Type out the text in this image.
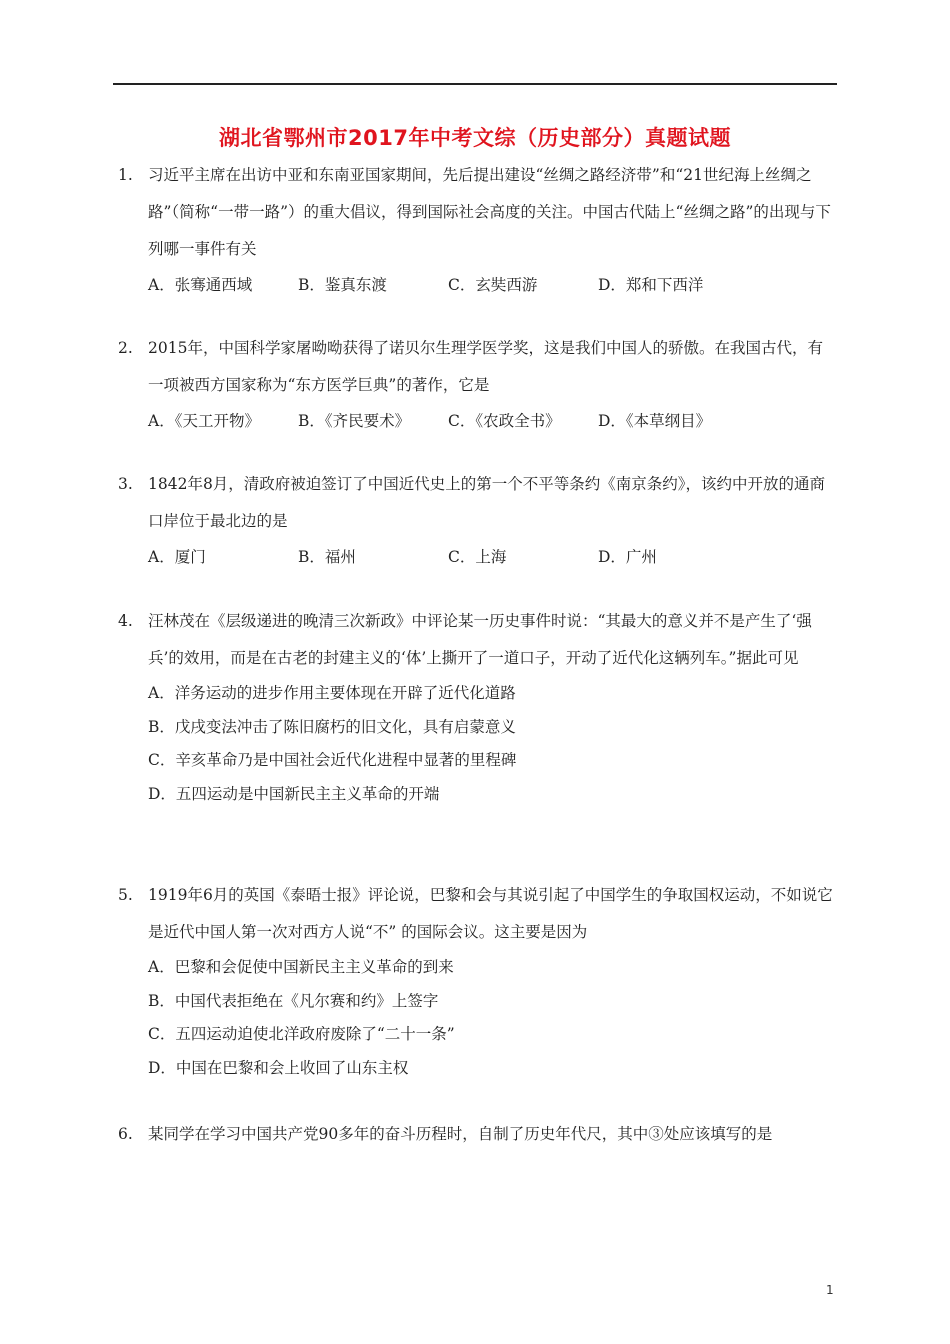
湖北省鄂州市2017年中考文综（历史部分）真题试题
1. 习近平主席在出访中亚和东南亚国家期间，先后提出建设“丝绸之路经济带”和“21世纪海上丝绸之路”（简称“一带一路”）的重大倡议，得到国际社会高度的关注。中国古代陆上“丝绸之路”的出现与下列哪一事件有关
A．张骞通西域	B．鉴真东渡	C．玄奘西游	D．郑和下西洋
2. 2015年，中国科学家屠呦呦获得了诺贝尔生理学医学奖，这是我们中国人的骄傲。在我国古代，有一项被西方国家称为“东方医学巨典”的著作，它是
A．《天工开物》 B．《齐民要术》 C．《农政全书》 D．《本草纲目》
3. 1842年8月，清政府被迫签订了中国近代史上的第一个不平等条约《南京条约》，该约中开放的通商口岸位于最北边的是
A．厦门	B．福州	C．上海	D．广州
4. 汪林茂在《层级递进的晚清三次新政》中评论某一历史事件时说：“其最大的意义并不是产生了‘强兵’的效用，而是在古老的封建主义的‘体’上撕开了一道口子，开动了近代化这辆列车。”据此可见
A．洋务运动的进步作用主要体现在开辟了近代化道路
B．戊戌变法冲击了陈旧腐朽的旧文化，具有启蒙意义
C．辛亥革命乃是中国社会近代化进程中显著的里程碑
D．五四运动是中国新民主主义革命的开端
5. 1919年6月的英国《泰晤士报》评论说，巴黎和会与其说引起了中国学生的争取国权运动，不如说它是近代中国人第一次对西方人说“不” 的国际会议。这主要是因为
A．巴黎和会促使中国新民主主义革命的到来
B．中国代表拒绝在《凡尔赛和约》上签字
C．五四运动迫使北洋政府废除了“二十一条”
D．中国在巴黎和会上收回了山东主权
6. 某同学在学习中国共产党90多年的奋斗历程时，自制了历史年代尺，其中③处应该填写的是
1
